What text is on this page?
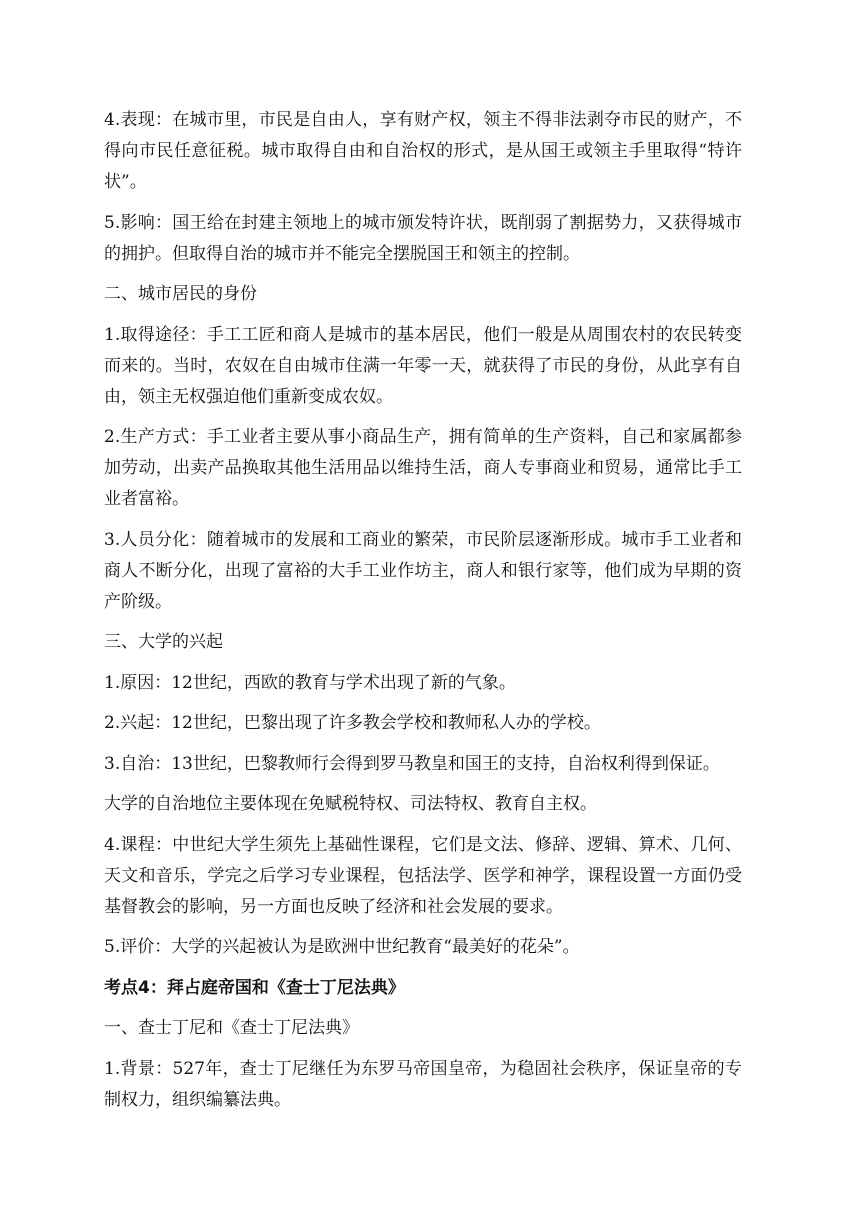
4.表现：在城市里，市民是自由人，享有财产权，领主不得非法剥夺市民的财产，不得向市民任意征税。城市取得自由和自治权的形式，是从国王或领主手里取得“特许状”。

5.影响：国王给在封建主领地上的城市颁发特许状，既削弱了割据势力，又获得城市的拥护。但取得自治的城市并不能完全摆脱国王和领主的控制。

二、城市居民的身份

1.取得途径：手工工匠和商人是城市的基本居民，他们一般是从周围农村的农民转变而来的。当时，农奴在自由城市住满一年零一天，就获得了市民的身份，从此享有自由，领主无权强迫他们重新变成农奴。

2.生产方式：手工业者主要从事小商品生产，拥有简单的生产资料，自己和家属都参加劳动，出卖产品换取其他生活用品以维持生活，商人专事商业和贸易，通常比手工业者富裕。

3.人员分化：随着城市的发展和工商业的繁荣，市民阶层逐渐形成。城市手工业者和商人不断分化，出现了富裕的大手工业作坊主，商人和银行家等，他们成为早期的资产阶级。

三、大学的兴起

1.原因：12世纪，西欧的教育与学术出现了新的气象。

2.兴起：12世纪，巴黎出现了许多教会学校和教师私人办的学校。

3.自治：13世纪，巴黎教师行会得到罗马教皇和国王的支持，自治权利得到保证。

大学的自治地位主要体现在免赋税特权、司法特权、教育自主权。

4.课程：中世纪大学生须先上基础性课程，它们是文法、修辞、逻辑、算术、几何、天文和音乐，学完之后学习专业课程，包括法学、医学和神学，课程设置一方面仍受基督教会的影响，另一方面也反映了经济和社会发展的要求。

5.评价：大学的兴起被认为是欧洲中世纪教育“最美好的花朵”。

考点4：拜占庭帝国和《查士丁尼法典》

一、查士丁尼和《查士丁尼法典》

1.背景：527年，查士丁尼继任为东罗马帝国皇帝，为稳固社会秩序，保证皇帝的专制权力，组织编纂法典。
